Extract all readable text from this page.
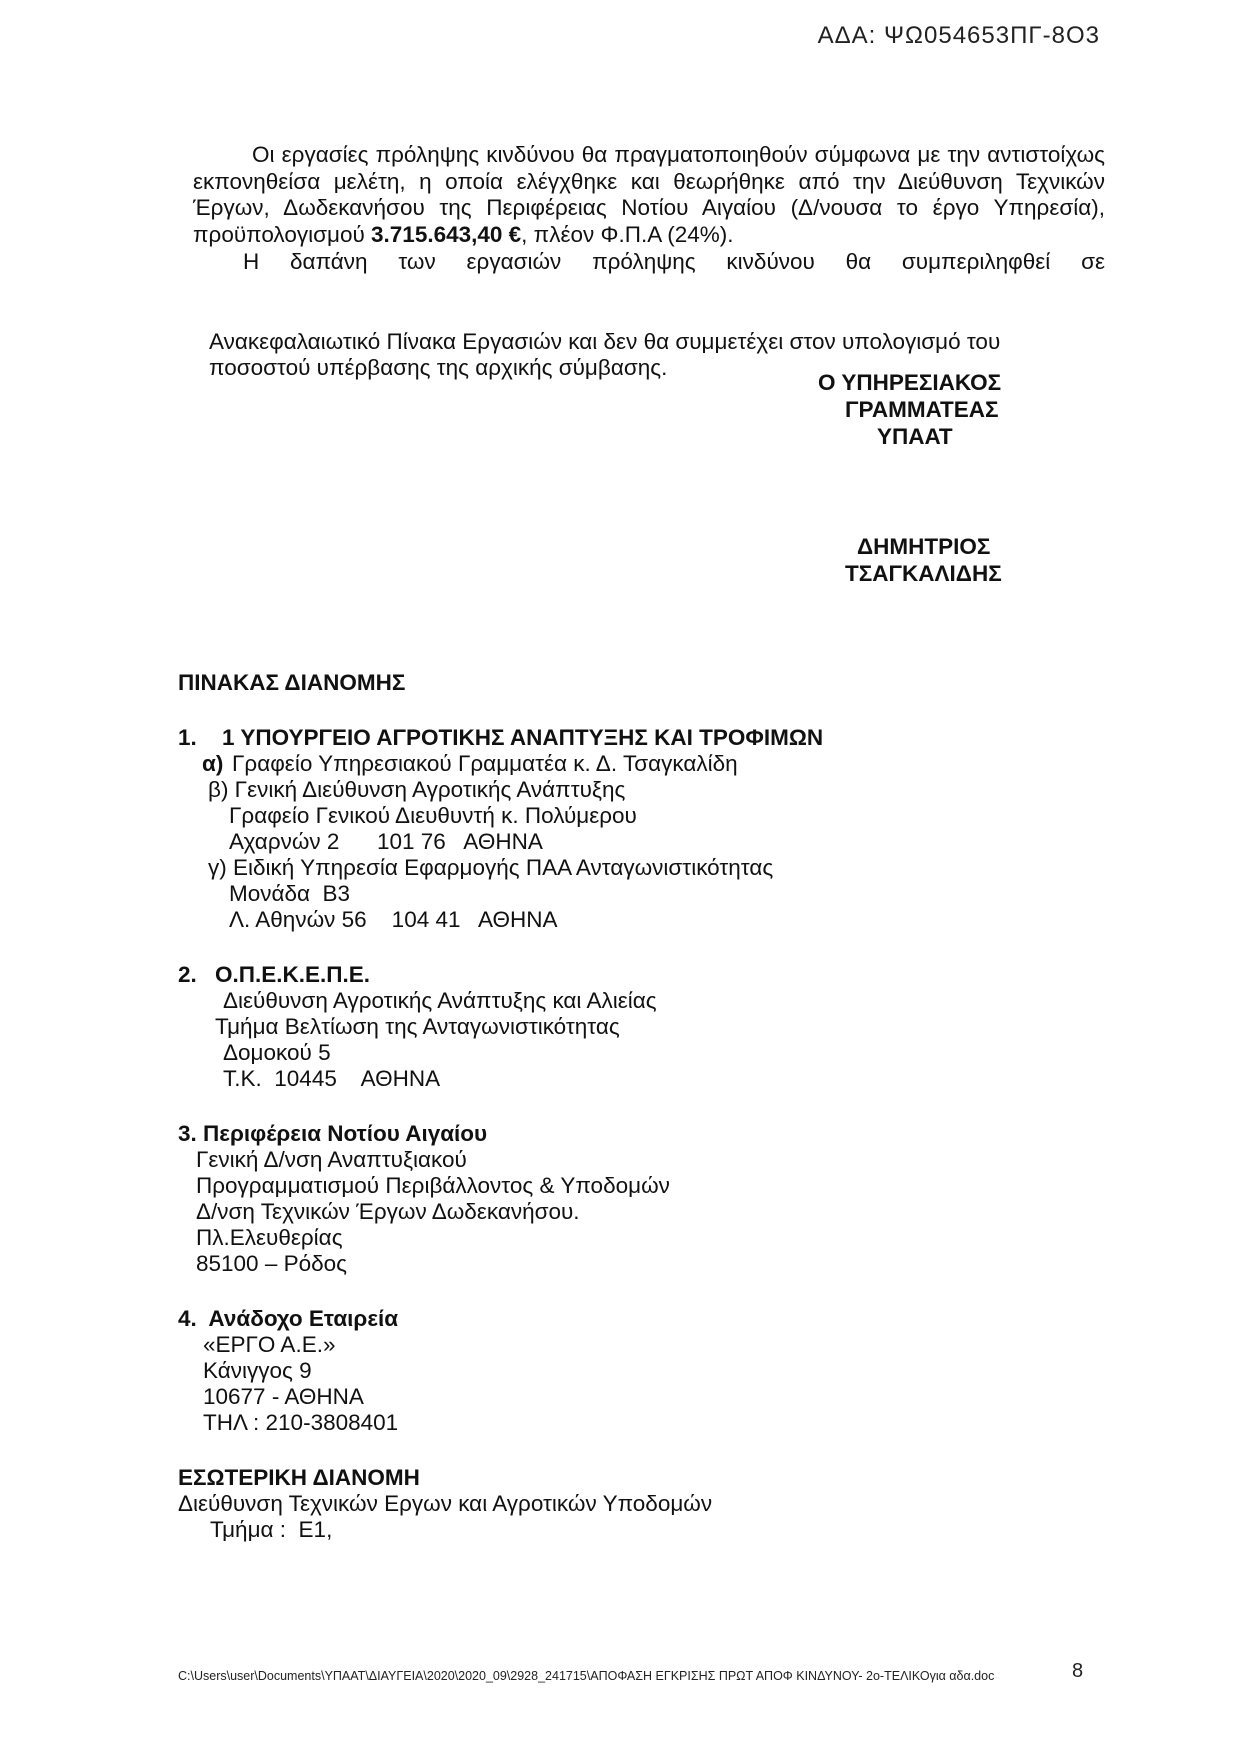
ΑΔΑ: ΨΩ054653ΠΓ-8Ο3

Οι εργασίες πρόληψης κινδύνου θα πραγματοποιηθούν σύμφωνα με την αντιστοίχως εκπονηθείσα μελέτη, η οποία ελέγχθηκε και θεωρήθηκε από την Διεύθυνση Τεχνικών Έργων, Δωδεκανήσου της Περιφέρειας Νοτίου Αιγαίου (Δ/νουσα το έργο Υπηρεσία), προϋπολογισμού 3.715.643,40 €, πλέον Φ.Π.Α (24%).

Η δαπάνη των εργασιών πρόληψης κινδύνου θα συμπεριληφθεί σε

Ανακεφαλαιωτικό Πίνακα Εργασιών και δεν θα συμμετέχει στον υπολογισμό του ποσοστού υπέρβασης της αρχικής σύμβασης.

Ο ΥΠΗΡΕΣΙΑΚΟΣ
ΓΡΑΜΜΑΤΕΑΣ
ΥΠΑΑΤ
ΔΗΜΗΤΡΙΟΣ
ΤΣΑΓΚΑΛΙΔΗΣ
ΠΙΝΑΚΑΣ ΔΙΑΝΟΜΗΣ
1. 1 ΥΠΟΥΡΓΕΙΟ ΑΓΡΟΤΙΚΗΣ ΑΝΑΠΤΥΞΗΣ ΚΑΙ ΤΡΟΦΙΜΩΝ
α) Γραφείο Υπηρεσιακού Γραμματέα κ. Δ. Τσαγκαλίδη
β) Γενική Διεύθυνση Αγροτικής Ανάπτυξης
Γραφείο Γενικού Διευθυντή κ. Πολύμερου
Αχαρνών 2      101 76   ΑΘΗΝΑ
γ) Ειδική Υπηρεσία Εφαρμογής ΠΑΑ Ανταγωνιστικότητας
Μονάδα  Β3
Λ. Αθηνών 56    104 41   ΑΘΗΝΑ
2. Ο.Π.Ε.Κ.Ε.Π.Ε.
Διεύθυνση Αγροτικής Ανάπτυξης και Αλιείας
Τμήμα Βελτίωση της Ανταγωνιστικότητας
Δομοκού 5
Τ.Κ.  10445    ΑΘΗΝΑ
3. Περιφέρεια Νοτίου Αιγαίου
Γενική Δ/νση Αναπτυξιακού
Προγραμματισμού Περιβάλλοντος & Υποδομών
Δ/νση Τεχνικών Έργων Δωδεκανήσου.
Πλ.Ελευθερίας
85100 – Ρόδος
4.  Ανάδοχο Εταιρεία
«ΕΡΓΟ Α.Ε.»
Κάνιγγος 9
10677 - ΑΘΗΝΑ
ΤΗΛ : 210-3808401
ΕΣΩΤΕΡΙΚΗ ΔΙΑΝΟΜΗ
Διεύθυνση Τεχνικών Εργων και Αγροτικών Υποδομών
Τμήμα :  Ε1,
C:\Users\user\Documents\ΥΠΑΑΤ\ΔΙΑΥΓΕΙΑ\2020\2020_09\2928_241715\ΑΠΟΦΑΣΗ ΕΓΚΡΙΣΗΣ ΠΡΩΤ ΑΠΟΦ ΚΙΝΔΥΝΟΥ- 2ο-ΤΕΛΙΚΟγια αδα.doc	8
